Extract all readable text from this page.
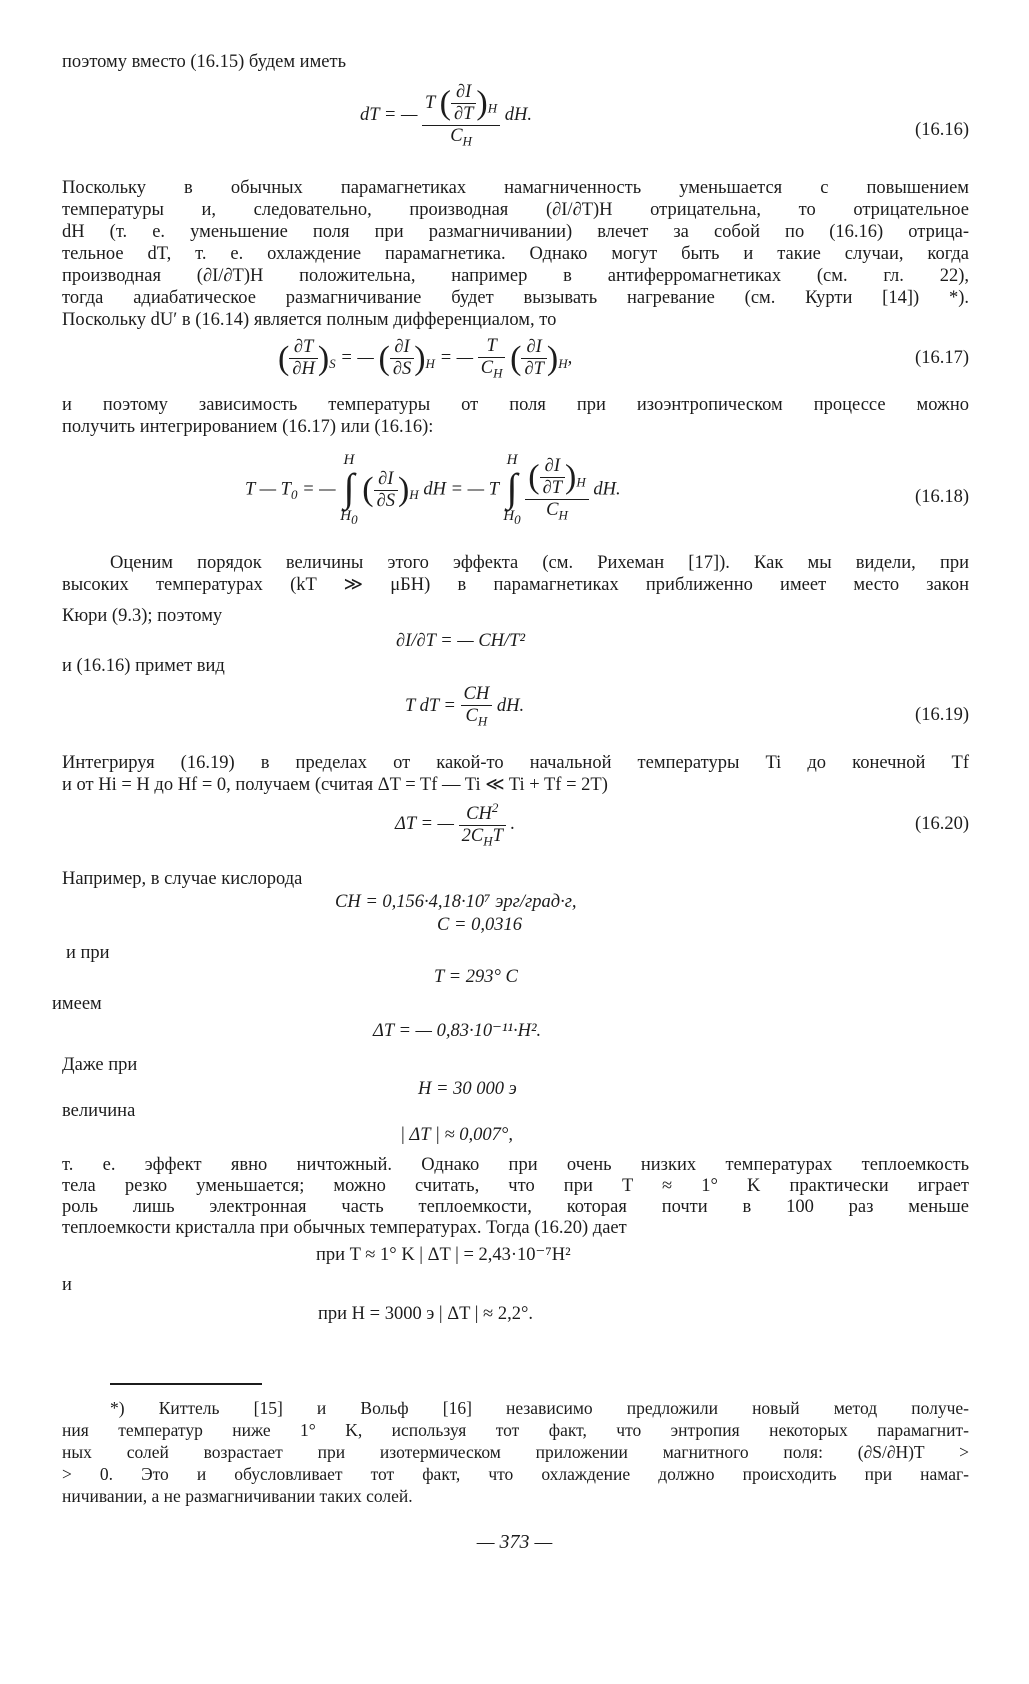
поэтому вместо (16.15) будем иметь
dT = — $\frac{T ( \frac{\partial I}{\partial T} )_H}{C_H}$ dH.
(16.16)
Поскольку в обычных парамагнетиках намагниченность уменьшается с повышением
температуры и, следовательно, производная (∂I/∂T)H отрицательна, то отрицательное
dH (т. е. уменьшение поля при размагничивании) влечет за собой по (16.16) отрица-
тельное dT, т. е. охлаждение парамагнетика. Однако могут быть и такие случаи, когда
производная (∂I/∂T)H положительна, например в антиферромагнетиках (см. гл. 22),
тогда адиабатическое размагничивание будет вызывать нагревание (см. Курти [14]) *).
Поскольку dU′ в (16.14) является полным дифференциалом, то
( $\frac{\partial T}{\partial H} )_S$ = — ( $\frac{\partial I}{\partial S} )_H$ = — $\frac{T}{C_H}$ ( $\frac{\partial I}{\partial T} )_H$,	(16.17)
и поэтому зависимость температуры от поля при изоэнтропическом процессе можно
получить интегрированием (16.17) или (16.16):
T — $T_0$ = — H
∫
$H_0$ ( $\frac{\partial I}{\partial S} )_H$ dH = — T H
∫
$H_0 \frac{( \frac{\partial I}{\partial T} )_H}{C_H}$ dH.	(16.18)
Оценим порядок величины этого эффекта (см. Рихеман [17]). Как мы видели, при
высоких температурах (kT ≫ μБH) в парамагнетиках приближенно имеет место закон
Кюри (9.3); поэтому
∂I/∂T = — CH/T²
и (16.16) примет вид
T dT = $\frac{CH}{C_H}$ dH.	(16.19)
Интегрируя (16.19) в пределах от какой-то начальной температуры Ti до конечной Tf
и от Hi = H до Hf = 0, получаем (считая ΔT = Tf — Ti ≪ Ti + Tf = 2T)
ΔT = — $\frac{CH^2}{2C_HT}$ .	(16.20)
Например, в случае кислорода
CH = 0,156·4,18·10⁷ эрг/град·г,
C = 0,0316
и при
T = 293° C
имеем
ΔT = — 0,83·10⁻¹¹·H².
Даже при
H = 30 000 э
величина
| ΔT | ≈ 0,007°,
т. е. эффект явно ничтожный. Однако при очень низких температурах теплоемкость
тела резко уменьшается; можно считать, что при T ≈ 1° K практически играет
роль лишь электронная часть теплоемкости, которая почти в 100 раз меньше
теплоемкости кристалла при обычных температурах. Тогда (16.20) дает
при T ≈ 1° K | ΔT | = 2,43·10⁻⁷H²
и
при H = 3000 э | ΔT | ≈ 2,2°.
*) Киттель [15] и Вольф [16] независимо предложили новый метод получе-
ния температур ниже 1° K, используя тот факт, что энтропия некоторых парамагнит-
ных солей возрастает при изотермическом приложении магнитного поля: (∂S/∂H)T >
> 0. Это и обусловливает тот факт, что охлаждение должно происходить при намаг-
ничивании, а не размагничивании таких солей.
— 373 —
